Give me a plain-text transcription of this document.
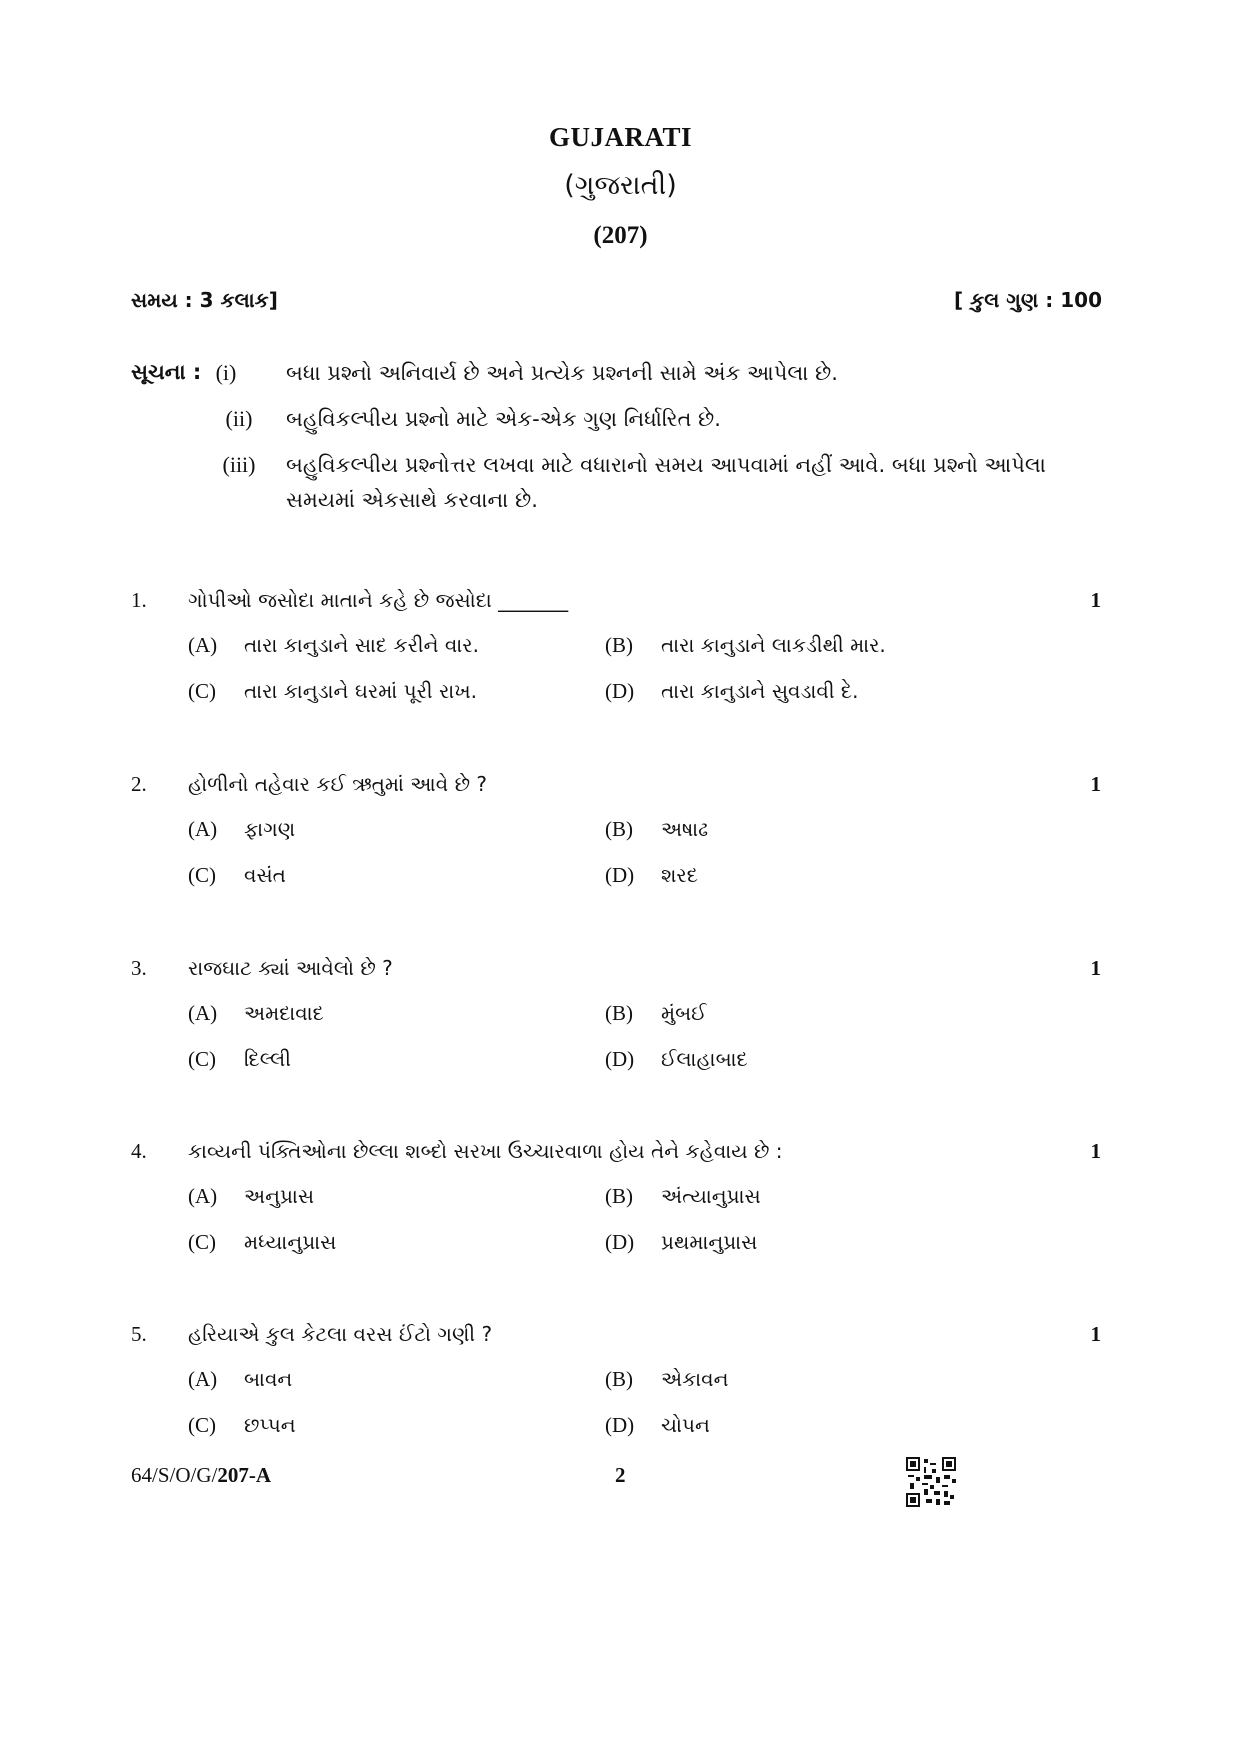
GUJARATI
(ગુજરાતી)
(207)
સમય : 3 કલાક]	[ કુલ ગુણ : 100
સૂચના : (i)	બધા પ્રશ્નો અનિવાર્ય છે અને પ્રત્યેક પ્રશ્નની સામે અંક આપેલા છે.
(ii)	બહુવિકલ્પીય પ્રશ્નો માટે એક-એક ગુણ નિર્ધારિત છે.
(iii)	બહુવિકલ્પીય પ્રશ્નોત્તર લખવા માટે વધારાનો સમય આપવામાં નહીં આવે. બધા પ્રશ્નો આપેલા સમયમાં એકસાથે કરવાના છે.
1. ગોપીઓ જસોદા માતાને કહે છે જસોદા _______	1
(A) તારા કાનુડાને સાદ કરીને વાર.	(B) તારા કાનુડાને લાકડીથી માર.
(C) તારા કાનુડાને ઘરમાં પૂરી રાખ.	(D) તારા કાનુડાને સુવડાવી દે.
2. હોળીનો તહેવાર કઈ ઋતુમાં આવે છે ?	1
(A) ફાગણ	(B) અષાઢ
(C) વસંત	(D) શરદ
3. રાજઘાટ ક્યાં આવેલો છે ?	1
(A) અમદાવાદ	(B) મુંબઈ
(C) દિલ્લી	(D) ઈલાહાબાદ
4. કાવ્યની પંક્તિઓના છેલ્લા શબ્દો સરખા ઉચ્ચારવાળા હોય તેને કહેવાય છે :	1
(A) અનુપ્રાસ	(B) અંત્યાનુપ્રાસ
(C) મધ્યાનુપ્રાસ	(D) પ્રથમાનુપ્રાસ
5. હરિયાએ કુલ કેટલા વરસ ઈંટો ગણી ?	1
(A) બાવન	(B) એકાવન
(C) છપ્પન	(D) ચોપન
64/S/O/G/207-A	2
